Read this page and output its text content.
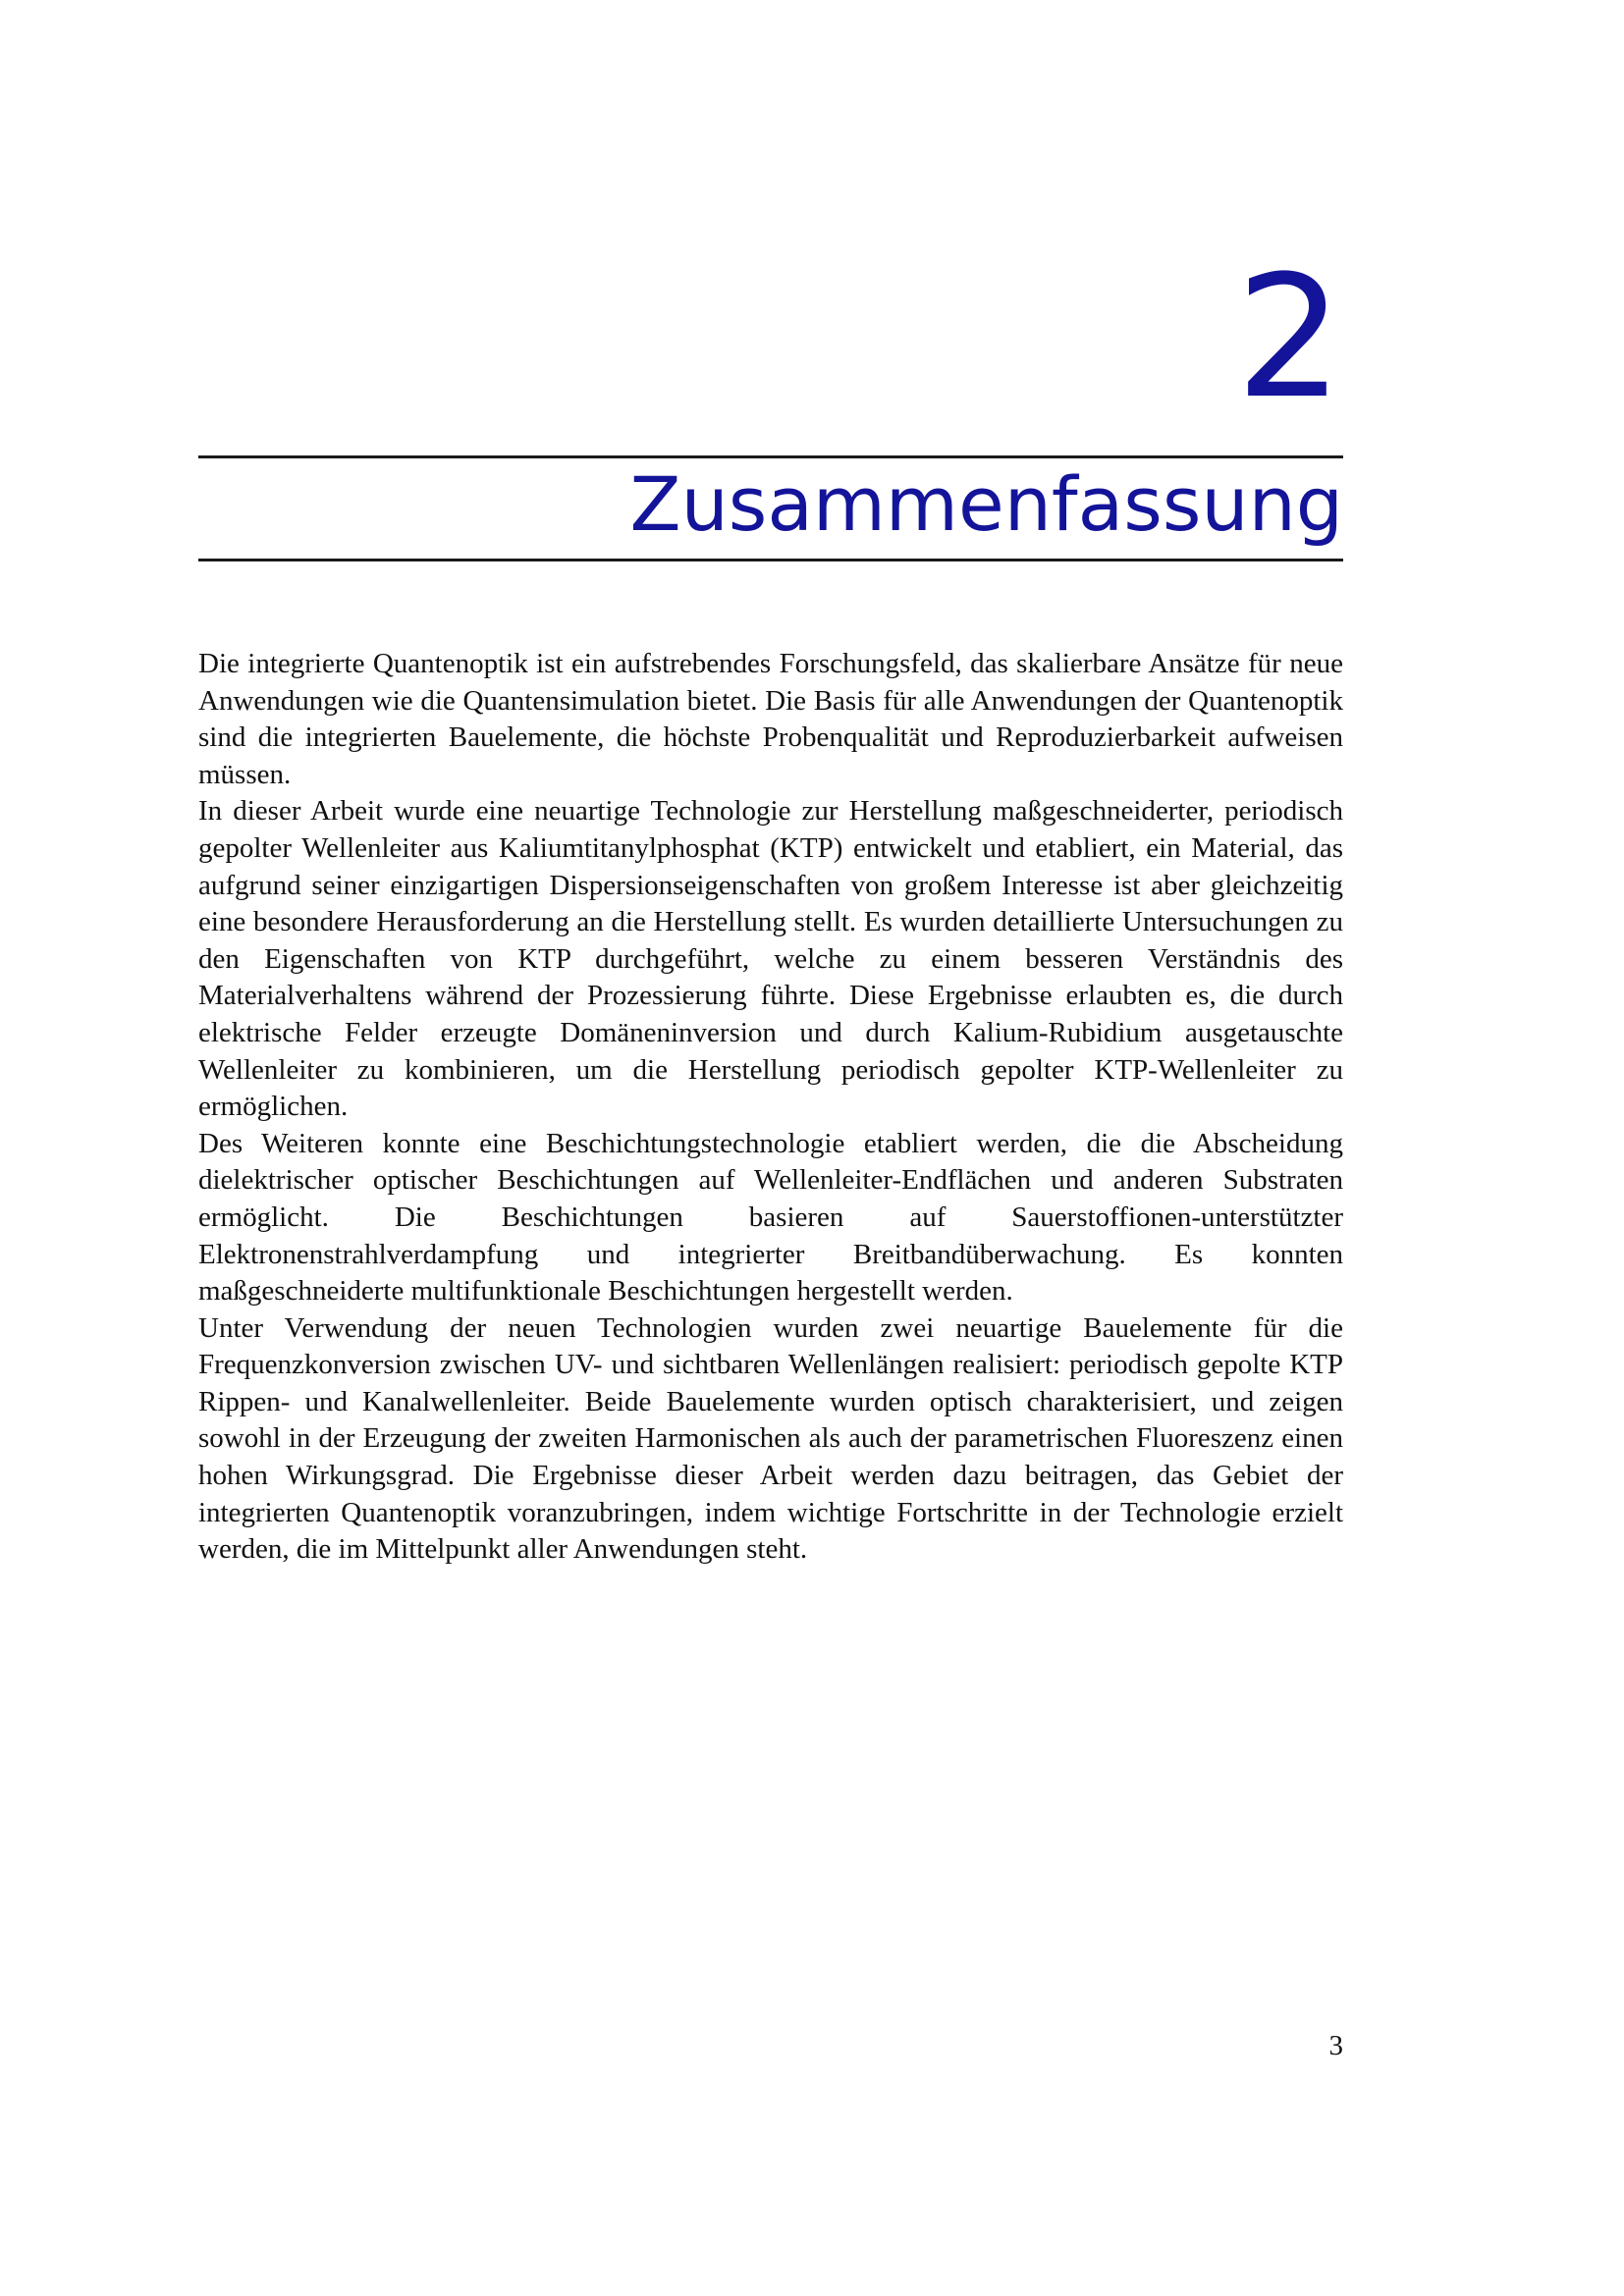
2
Zusammenfassung

Die integrierte Quantenoptik ist ein aufstrebendes Forschungsfeld, das skalierbare Ansätze für neue Anwendungen wie die Quantensimulation bietet. Die Basis für alle Anwendungen der Quantenoptik sind die integrierten Bauelemente, die höchste Probenqualität und Reproduzierbarkeit aufweisen müssen.

In dieser Arbeit wurde eine neuartige Technologie zur Herstellung maßgeschneiderter, periodisch gepolter Wellenleiter aus Kaliumtitanylphosphat (KTP) entwickelt und etabliert, ein Material, das aufgrund seiner einzigartigen Dispersionseigenschaften von großem Interesse ist aber gleichzeitig eine besondere Herausforderung an die Herstellung stellt. Es wurden detaillierte Untersuchungen zu den Eigenschaften von KTP durchgeführt, welche zu einem besseren Verständnis des Materialverhaltens während der Prozessierung führte. Diese Ergebnisse erlaubten es, die durch elektrische Felder erzeugte Domäneninversion und durch Kalium-Rubidium ausgetauschte Wellenleiter zu kombinieren, um die Herstellung periodisch gepolter KTP-Wellenleiter zu ermöglichen.

Des Weiteren konnte eine Beschichtungstechnologie etabliert werden, die die Abscheidung dielektrischer optischer Beschichtungen auf Wellenleiter-Endflächen und anderen Substraten ermöglicht. Die Beschichtungen basieren auf Sauerstoffionen-unterstützter Elektronenstrahlverdampfung und integrierter Breitbandüberwachung. Es konnten maßgeschneiderte multifunktionale Beschichtungen hergestellt werden.

Unter Verwendung der neuen Technologien wurden zwei neuartige Bauelemente für die Frequenzkonversion zwischen UV- und sichtbaren Wellenlängen realisiert: periodisch gepolte KTP Rippen- und Kanalwellenleiter. Beide Bauelemente wurden optisch charakterisiert, und zeigen sowohl in der Erzeugung der zweiten Harmonischen als auch der parametrischen Fluoreszenz einen hohen Wirkungsgrad. Die Ergebnisse dieser Arbeit werden dazu beitragen, das Gebiet der integrierten Quantenoptik voranzubringen, indem wichtige Fortschritte in der Technologie erzielt werden, die im Mittelpunkt aller Anwendungen steht.

3
